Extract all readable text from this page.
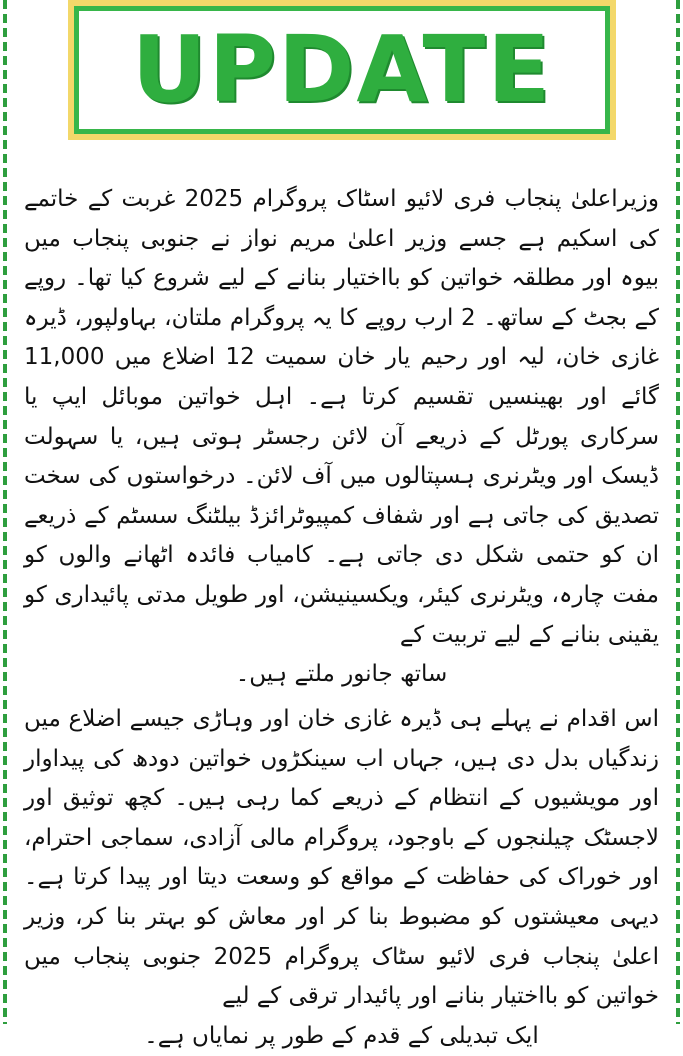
UPDATE
وزیراعلیٰ پنجاب فری لائیو اسٹاک پروگرام 2025 غربت کے خاتمے کی اسکیم ہے جسے وزیر اعلیٰ مریم نواز نے جنوبی پنجاب میں بیوہ اور مطلقہ خواتین کو بااختیار بنانے کے لیے شروع کیا تھا۔ روپے کے بجٹ کے ساتھ۔ 2 ارب روپے کا یہ پروگرام ملتان، بہاولپور، ڈیرہ غازی خان، لیہ اور رحیم یار خان سمیت 12 اضلاع میں 11,000 گائے اور بھینسیں تقسیم کرتا ہے۔ اہل خواتین موبائل ایپ یا سرکاری پورٹل کے ذریعے آن لائن رجسٹر ہوتی ہیں، یا سہولت ڈیسک اور ویٹرنری ہسپتالوں میں آف لائن۔ درخواستوں کی سخت تصدیق کی جاتی ہے اور شفاف کمپیوٹرائزڈ بیلٹنگ سسٹم کے ذریعے ان کو حتمی شکل دی جاتی ہے۔ کامیاب فائدہ اٹھانے والوں کو مفت چارہ، ویٹرنری کیئر، ویکسینیشن، اور طویل مدتی پائیداری کو یقینی بنانے کے لیے تربیت کے
ساتھ جانور ملتے ہیں۔
اس اقدام نے پہلے ہی ڈیرہ غازی خان اور وہاڑی جیسے اضلاع میں زندگیاں بدل دی ہیں، جہاں اب سینکڑوں خواتین دودھ کی پیداوار اور مویشیوں کے انتظام کے ذریعے کما رہی ہیں۔ کچھ توثیق اور لاجسٹک چیلنجوں کے باوجود، پروگرام مالی آزادی، سماجی احترام، اور خوراک کی حفاظت کے مواقع کو وسعت دیتا اور پیدا کرتا ہے۔ دیہی معیشتوں کو مضبوط بنا کر اور معاش کو بہتر بنا کر، وزیر اعلیٰ پنجاب فری لائیو سٹاک پروگرام 2025 جنوبی پنجاب میں خواتین کو بااختیار بنانے اور پائیدار ترقی کے لیے
ایک تبدیلی کے قدم کے طور پر نمایاں ہے۔
